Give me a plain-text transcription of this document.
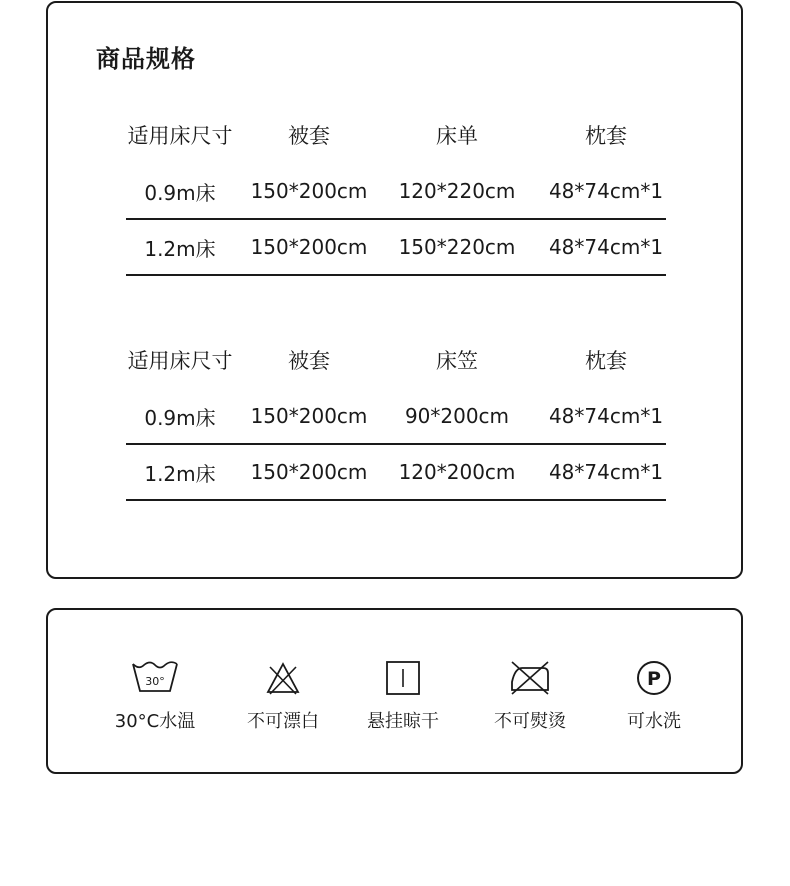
商品规格
适用床尺寸	被套	床单	枕套
0.9m床	150*200cm	120*220cm	48*74cm*1
1.2m床	150*200cm	150*220cm	48*74cm*1
适用床尺寸	被套	床笠	枕套
0.9m床	150*200cm	90*200cm	48*74cm*1
1.2m床	150*200cm	120*200cm	48*74cm*1
30°
30°C水温	不可漂白	悬挂晾干	不可熨烫
P
可水洗
